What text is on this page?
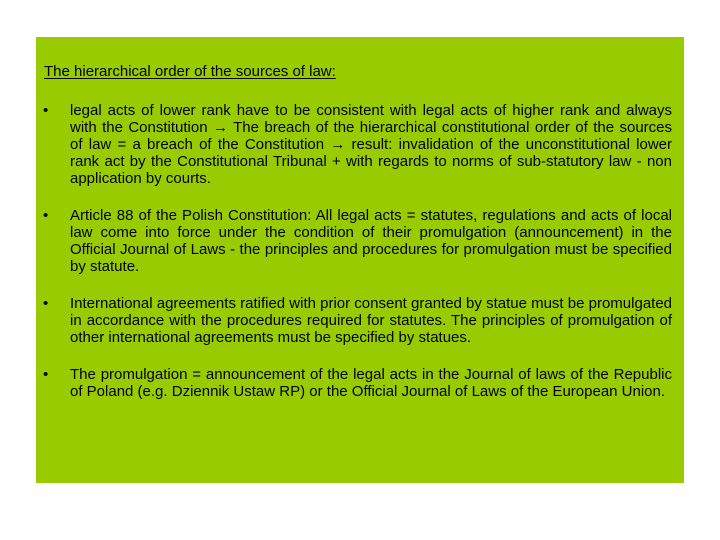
The hierarchical order of the sources of law:
• legal acts of lower rank have to be consistent with legal acts of higher rank and always with the Constitution → The breach of the hierarchical constitutional order of the sources of law = a breach of the Constitution → result: invalidation of the unconstitutional lower rank act by the Constitutional Tribunal + with regards to norms of sub-statutory law - non application by courts.
• Article 88 of the Polish Constitution: All legal acts = statutes, regulations and acts of local law come into force under the condition of their promulgation (announcement) in the Official Journal of Laws - the principles and procedures for promulgation must be specified by statute.
• International agreements ratified with prior consent granted by statue must be promulgated in accordance with the procedures required for statutes. The principles of promulgation of other international agreements must be specified by statues.
• The promulgation = announcement of the legal acts in the Journal of laws of the Republic of Poland (e.g. Dziennik Ustaw RP) or the Official Journal of Laws of the European Union.
